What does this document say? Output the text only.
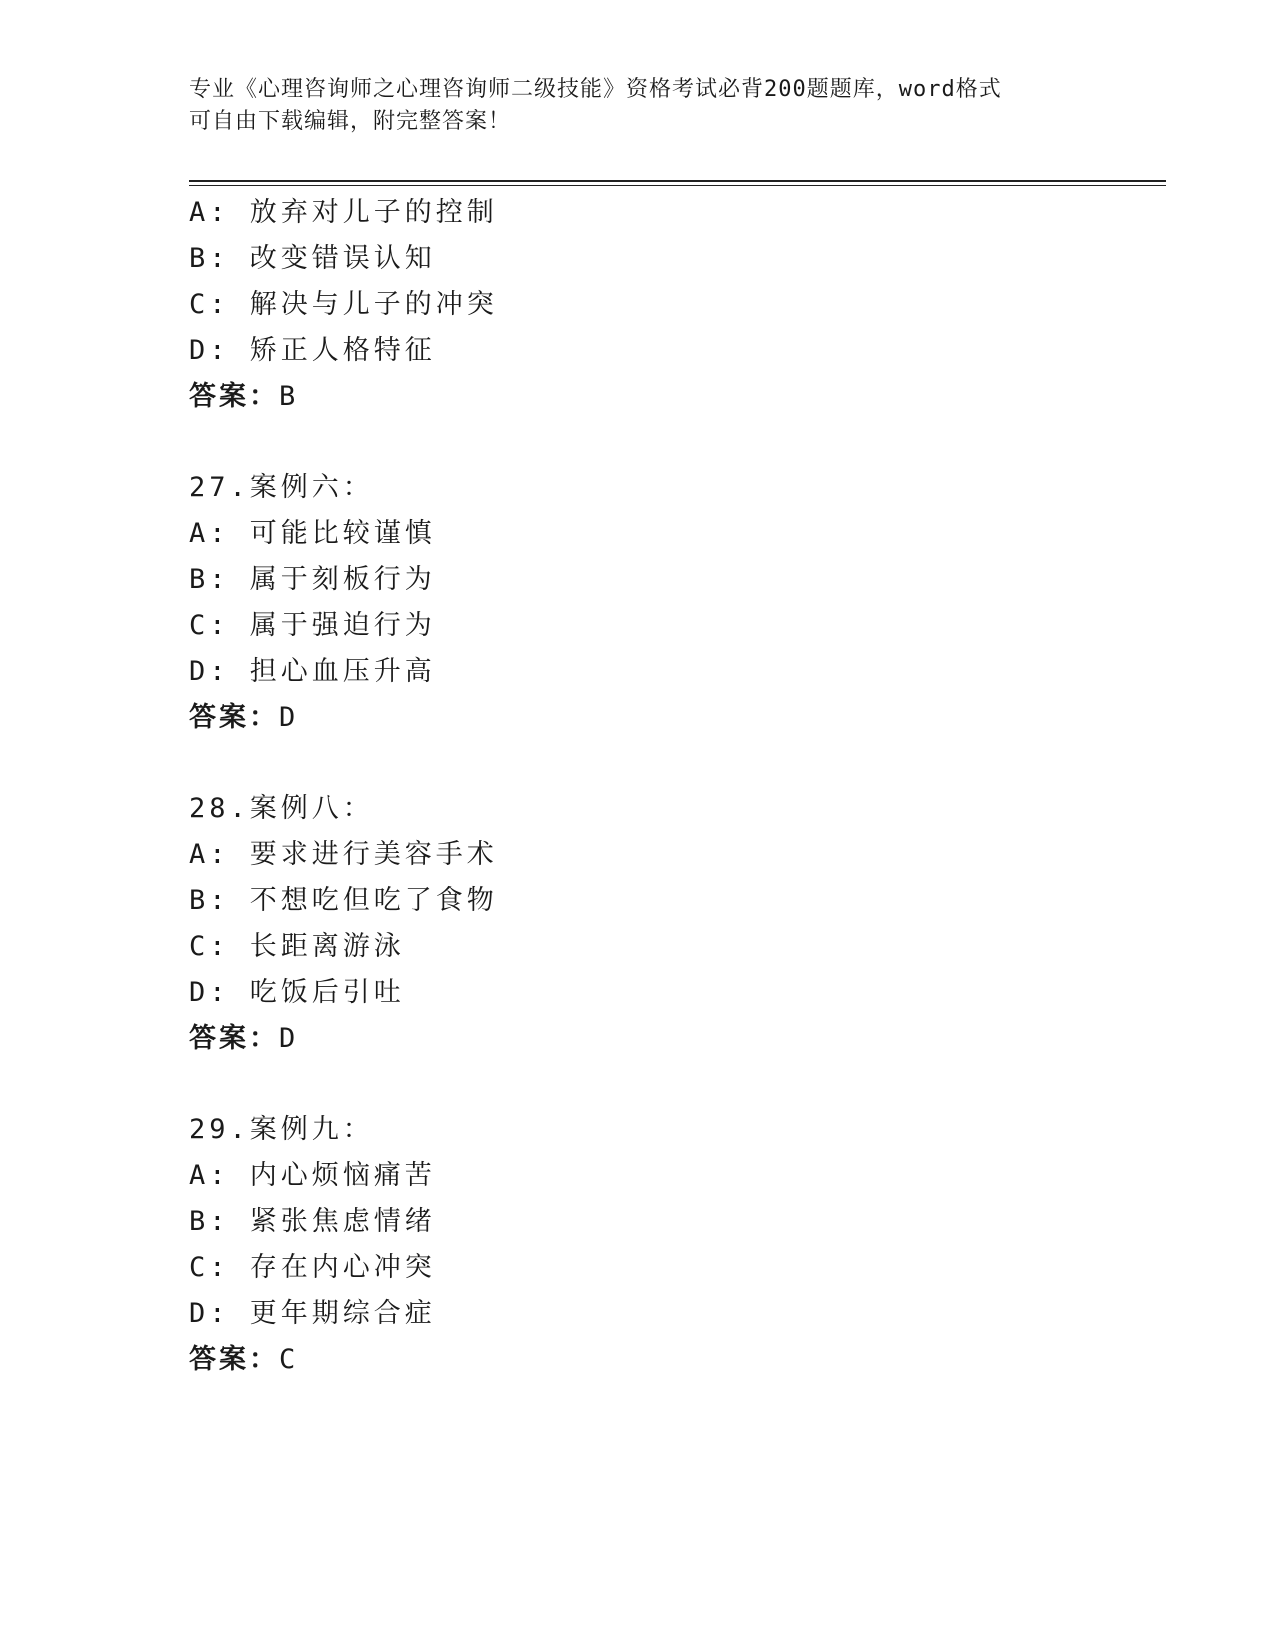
专业《心理咨询师之心理咨询师二级技能》资格考试必背200题题库，word格式
可自由下载编辑，附完整答案！
A: 放弃对儿子的控制
B: 改变错误认知
C: 解决与儿子的冲突
D: 矫正人格特征
答案：B
27.案例六：
A: 可能比较谨慎
B: 属于刻板行为
C: 属于强迫行为
D: 担心血压升高
答案：D
28.案例八：
A: 要求进行美容手术
B: 不想吃但吃了食物
C: 长距离游泳
D: 吃饭后引吐
答案：D
29.案例九：
A: 内心烦恼痛苦
B: 紧张焦虑情绪
C: 存在内心冲突
D: 更年期综合症
答案：C
